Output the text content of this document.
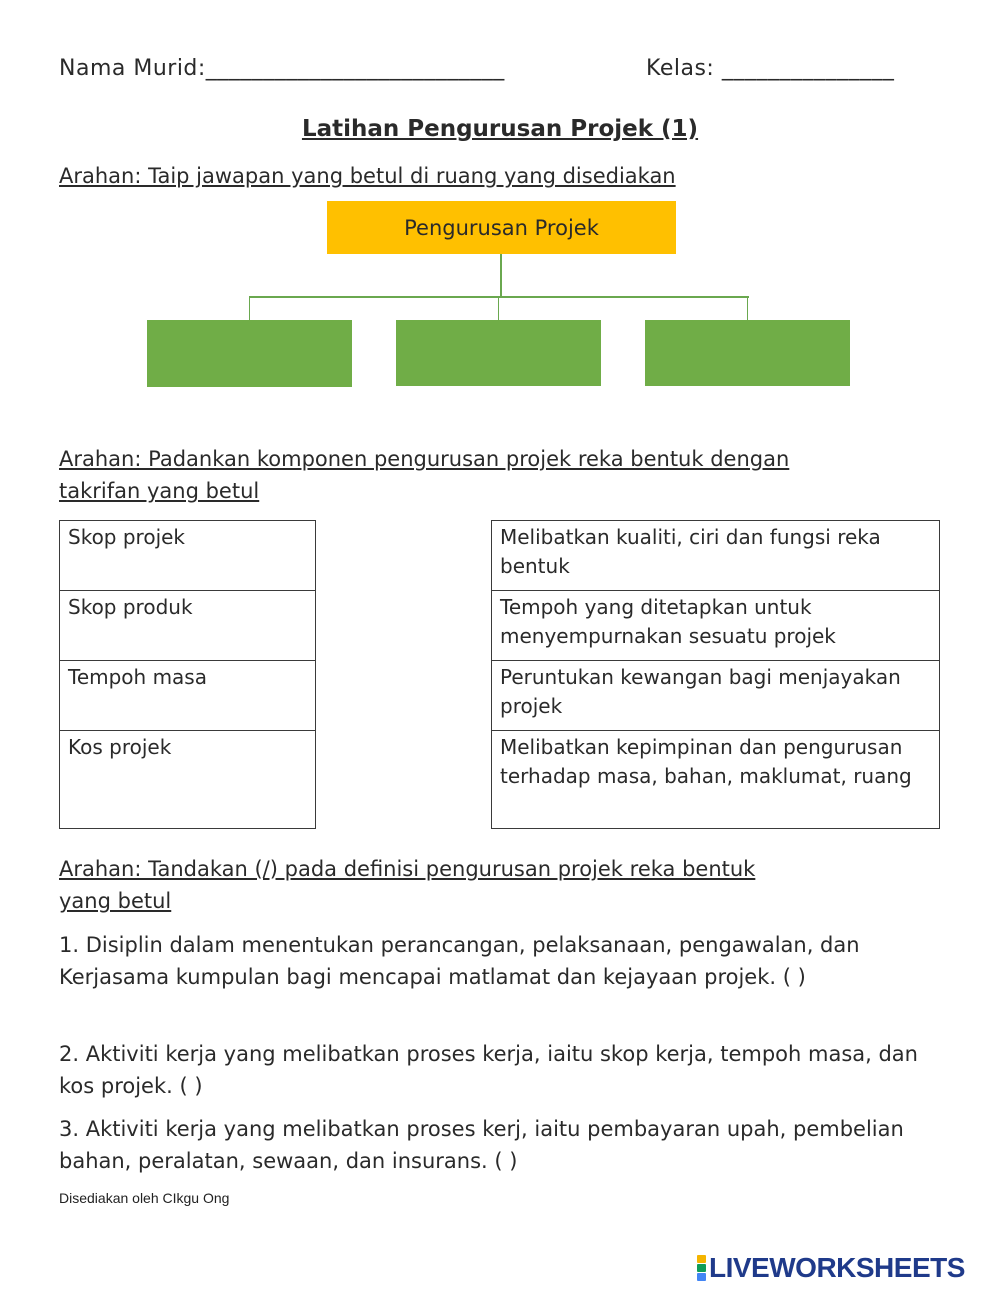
Nama Murid:__________________________	Kelas: _______________
Latihan Pengurusan Projek (1)
Arahan: Taip jawapan yang betul di ruang yang disediakan
Pengurusan Projek
Arahan: Padankan komponen pengurusan projek reka bentuk dengan
takrifan yang betul
Skop projek
Skop produk
Tempoh masa
Kos projek
Melibatkan kualiti, ciri dan fungsi reka bentuk
Tempoh yang ditetapkan untuk menyempurnakan sesuatu projek
Peruntukan kewangan bagi menjayakan projek
Melibatkan kepimpinan dan pengurusan terhadap masa, bahan, maklumat, ruang
Arahan: Tandakan (/) pada definisi pengurusan projek reka bentuk
yang betul
1. Disiplin dalam menentukan perancangan, pelaksanaan, pengawalan, dan Kerjasama kumpulan bagi mencapai matlamat dan kejayaan projek. ( )
2. Aktiviti kerja yang melibatkan proses kerja, iaitu skop kerja, tempoh masa, dan kos projek. ( )
3. Aktiviti kerja yang melibatkan proses kerj, iaitu pembayaran upah, pembelian bahan, peralatan, sewaan, dan insurans. ( )
Disediakan oleh CIkgu Ong
LIVEWORKSHEETS
